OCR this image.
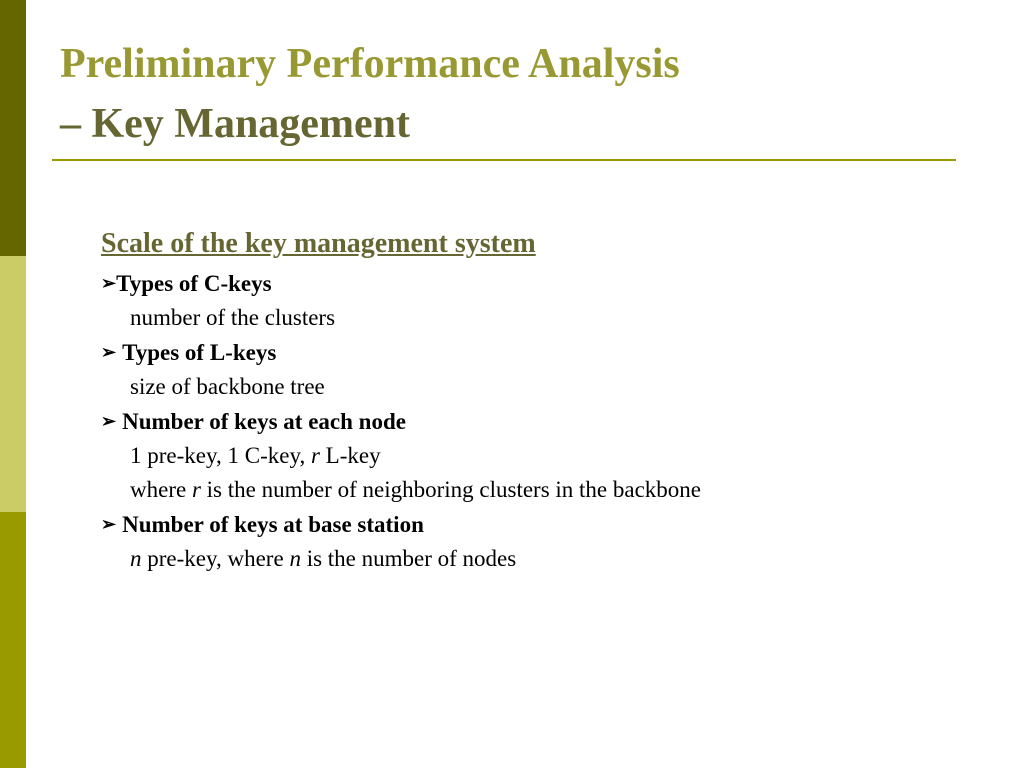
Preliminary Performance Analysis
– Key Management
Scale of the key management system
➢Types of C-keys
number of the clusters
➢ Types of L-keys
size of backbone tree
➢ Number of keys at each node
1 pre-key, 1 C-key, r L-key
where r is the number of neighboring clusters in the backbone
➢ Number of keys at base station
n pre-key, where n is the number of nodes
